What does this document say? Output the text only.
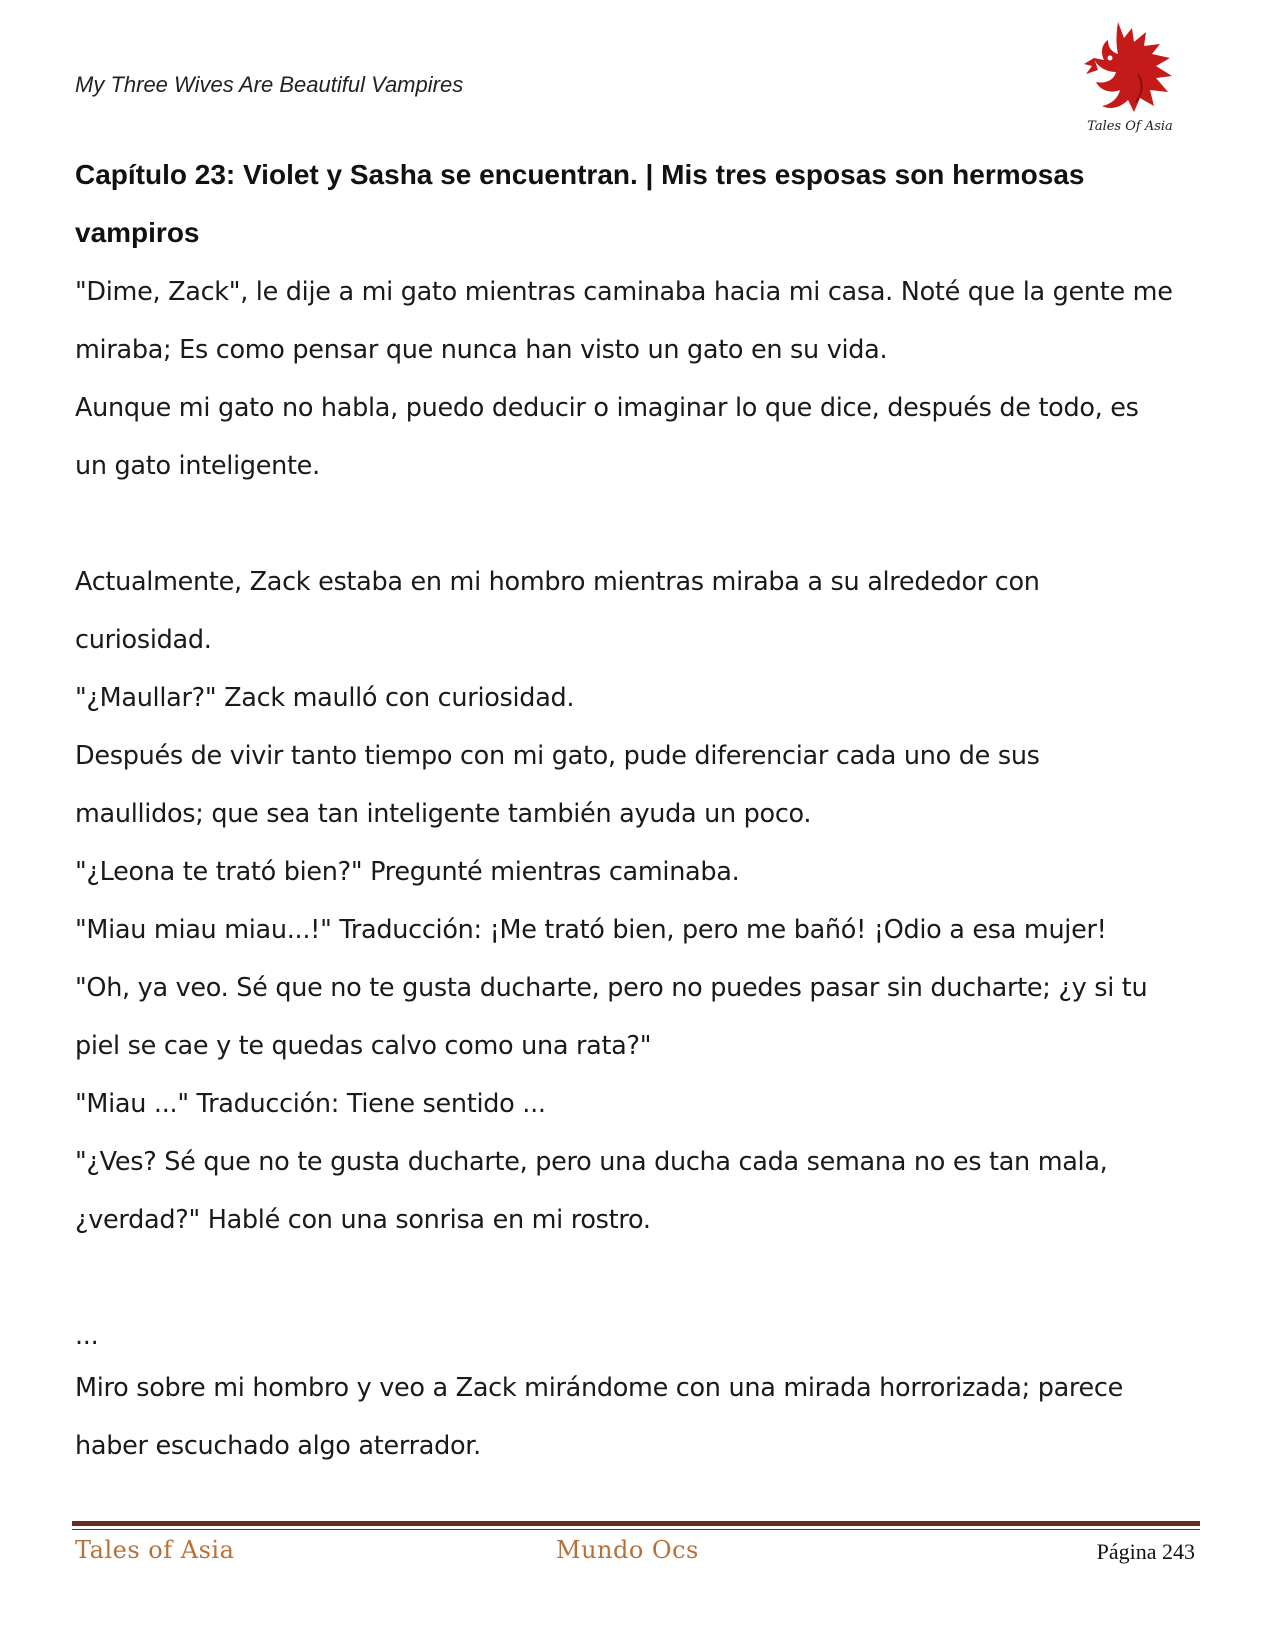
My Three Wives Are Beautiful Vampires
Tales Of Asia
Capítulo 23: Violet y Sasha se encuentran. | Mis tres esposas son hermosas
vampiros
"Dime, Zack", le dije a mi gato mientras caminaba hacia mi casa. Noté que la gente me
miraba; Es como pensar que nunca han visto un gato en su vida.
Aunque mi gato no habla, puedo deducir o imaginar lo que dice, después de todo, es
un gato inteligente.
Actualmente, Zack estaba en mi hombro mientras miraba a su alrededor con
curiosidad.
"¿Maullar?" Zack maulló con curiosidad.
Después de vivir tanto tiempo con mi gato, pude diferenciar cada uno de sus
maullidos; que sea tan inteligente también ayuda un poco.
"¿Leona te trató bien?" Pregunté mientras caminaba.
"Miau miau miau...!" Traducción: ¡Me trató bien, pero me bañó! ¡Odio a esa mujer!
"Oh, ya veo. Sé que no te gusta ducharte, pero no puedes pasar sin ducharte; ¿y si tu
piel se cae y te quedas calvo como una rata?"
"Miau ..." Traducción: Tiene sentido ...
"¿Ves? Sé que no te gusta ducharte, pero una ducha cada semana no es tan mala,
¿verdad?" Hablé con una sonrisa en mi rostro.
...
Miro sobre mi hombro y veo a Zack mirándome con una mirada horrorizada; parece
haber escuchado algo aterrador.
Tales of Asia	Mundo Ocs	Página 243
